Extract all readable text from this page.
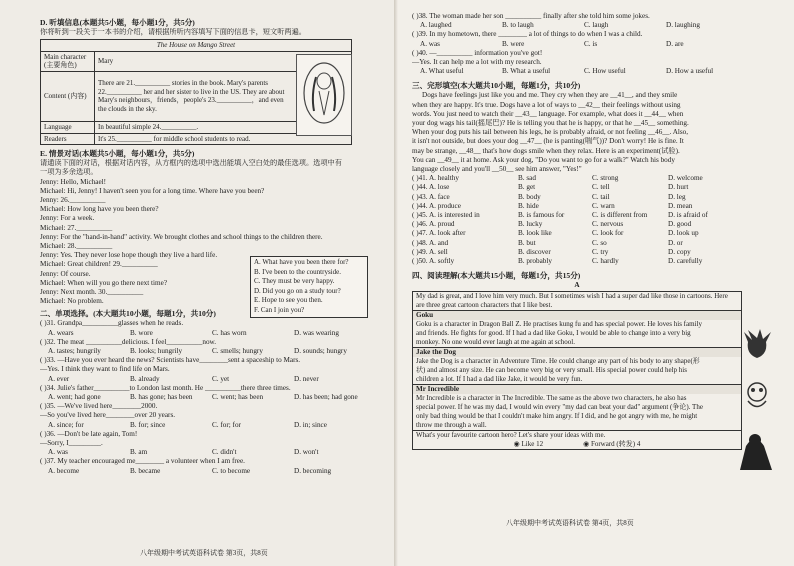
D. 听填信息(本题共5小题，每小题1分，共5分)
你将听到一段关于一本书的介绍，请根据所听内容填写下面的信息卡，短文听两遍。
The House on Mango Street	
Main character (主要角色)	Mary
Content (内容)	There are 21.__________ stories in the book. Mary's parents 22.__________ her and her sister to live in the US. They are about Mary's neighbours，friends，people's 23.__________，and even the clouds in the sky.
Language	In beautiful simple 24.__________.
Readers	It's 25.__________ for middle school students to read.
E. 情景对话(本题共5小题，每小题1分，共5分)
请通读下面的对话，根据对话内容，从方框内的选项中选出能填入空白处的最佳选项。选项中有
一项为多余选项。
Jenny: Hello, Michael!
Michael: Hi, Jenny! I haven't seen you for a long time. Where have you been?
Jenny: 26.__________
Michael: How long have you been there?
Jenny: For a week.
Michael: 27.__________
Jenny: For the "hand-in-hand" activity. We brought clothes and school things to the children there.
Michael: 28.__________
Jenny: Yes. They never lose hope though they live a hard life.
Michael: Great children! 29.__________
Jenny: Of course.
Michael: When will you go there next time?
Jenny: Next month. 30.__________
Michael: No problem.
A. What have you been there for?
B. I've been to the countryside.
C. They must be very happy.
D. Did you go on a study tour?
E. Hope to see you then.
F. Can I join you?
二、单项选择。(本大题共10小题，每题1分，共10分)
( )31. Grandpa__________glasses when he reads.
A. wears	B. wore	C. has worn	D. was wearing
( )32. The meat __________delicious. I feel__________now.
A. tastes; hungrily	B. looks; hungrily	C. smells; hungry	D. sounds; hungry
( )33. —Have you ever heard the news? Scientists have________sent a spaceship to Mars.
—Yes. I think they want to find life on Mars.
A. ever	B. already	C. yet	D. never
( )34. Julie's father__________to London last month. He __________there three times.
A. went; had gone	B. has gone; has been	C. went; has been	D. has been; had gone
( )35. —We've lived here________2000.
—So you've lived here________over 20 years.
A. since; for	B. for; since	C. for; for	D. in; since
( )36. —Don't be late again, Tom!
—Sorry, I_________.
A. was	B. am	C. didn't	D. won't
( )37. My teacher encouraged me________ a volunteer when I am free.
A. become	B. became	C. to become	D. becoming
八年级期中考试英语科试卷 第3页，共8页
( )38. The woman made her son __________ finally after she told him some jokes.
A. laughed	B. to laugh	C. laugh	D. laughing
( )39. In my hometown, there ________ a lot of things to do when I was a child.
A. was	B. were	C. is	D. are
( )40. —__________ information you've got!
—Yes. It can help me a lot with my research.
A. What useful	B. What a useful	C. How useful	D. How a useful
三、完形填空(本大题共10小题，每题1分，共10分)
Dogs have feelings just like you and me. They cry when they are __41__, and they smile
when they are happy. It's true. Dogs have a lot of ways to __42__ their feelings without using
words. You just need to watch their __43__ language. For example, what does it __44__ when
your dog wags his tail(摇尾巴)? He is telling you that he is happy, or that he __45__ something.
When your dog puts his tail between his legs, he is probably afraid, or not feeling __46__. Also,
it isn't not outside, but does your dog __47__ (he is panting(喘气))? Don't worry! He is fine. It
may be strange, __48__ that's how dogs smile when they relax. Here is an experiment(试验).
You can __49__ it at home. Ask your dog, "Do you want to go for a walk?" Watch his body
language closely and you'll __50__ see him answer, "Yes!"
( )41. A. healthy	B. sad	C. strong	D. welcome
( )44. A. lose	B. get	C. tell	D. hurt
( )43. A. face	B. body	C. tail	D. leg
( )44. A. produce	B. hide	C. warn	D. mean
( )45. A. is interested in	B. is famous for	C. is different from	D. is afraid of
( )46. A. proud	B. lucky	C. nervous	D. good
( )47. A. look after	B. look like	C. look for	D. look up
( )48. A. and	B. but	C. so	D. or
( )49. A. sell	B. discover	C. try	D. copy
( )50. A. softly	B. probably	C. hardly	D. carefully
四、阅读理解(本大题共15小题，每题1分，共15分)
A
My dad is great, and I love him very much. But I sometimes wish I had a super dad like those in cartoons. Here are three great cartoon characters that I like best.
Goku
Goku is a character in Dragon Ball Z. He practises kung fu and has special power. He loves his family and friends. He fights for good. If I had a dad like Goku, I would be able to change into a very big monkey. No one would ever laugh at me again at school.
Jake the Dog
Jake the Dog is a character in Adventure Time. He could change any part of his body to any shape(形状) and almost any size. He can become very big or very small. His special power could help his children a lot. If I had a dad like Jake, it would be very fun.
Mr Incredible
Mr Incredible is a character in The Incredible. The same as the above two characters, he also has special power. If he was my dad, I would win every "my dad can beat your dad" argument (争论). The only bad thing would be that I couldn't make him angry. If I did, and he got angry with me, he might throw me through a wall.
What's your favourite cartoon hero? Let's share your ideas with me.
◉ Like 12	◉ Forward (转发) 4
八年级期中考试英语科试卷 第4页，共8页
